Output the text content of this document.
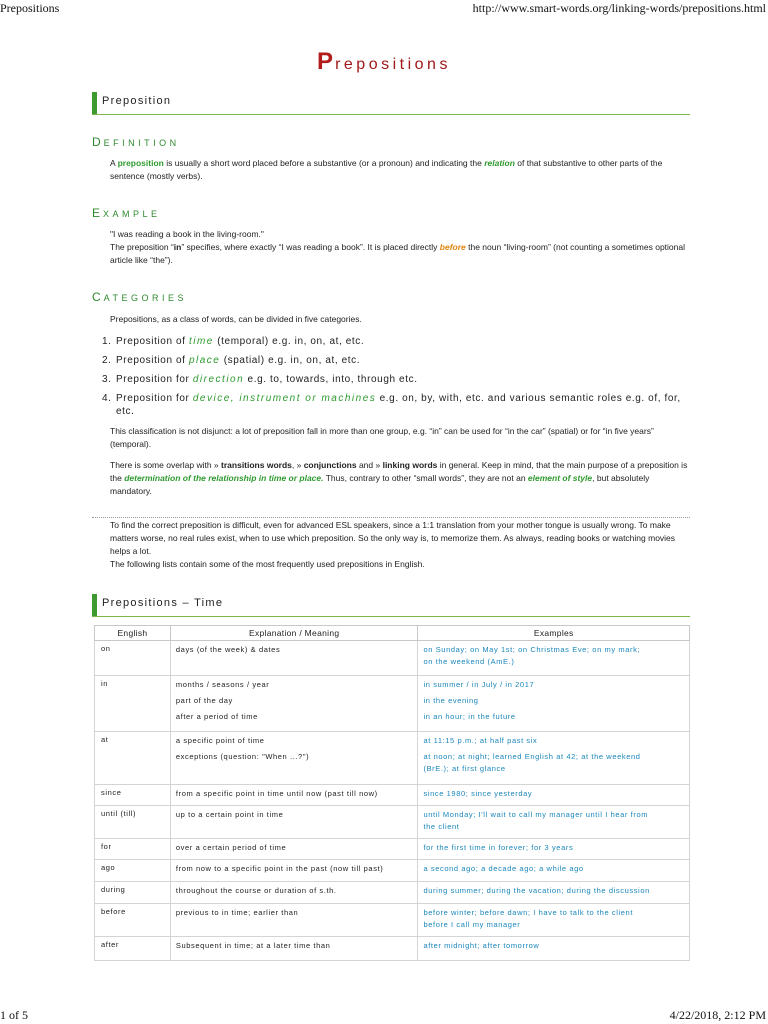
Prepositions	http://www.smart-words.org/linking-words/prepositions.html
1 of 5	4/22/2018, 2:12 PM
Prepositions
Preposition
DEFINITION
A preposition is usually a short word placed before a substantive (or a pronoun) and indicating the relation of that substantive to other parts of the sentence (mostly verbs).
EXAMPLE
"I was reading a book in the living-room."
The preposition “in” specifies, where exactly “I was reading a book”. It is placed directly before the noun “living-room” (not counting a sometimes optional article like “the”).
CATEGORIES
Prepositions, as a class of words, can be divided in five categories.
1. Preposition of time (temporal) e.g. in, on, at, etc.
2. Preposition of place (spatial) e.g. in, on, at, etc.
3. Preposition for direction e.g. to, towards, into, through etc.
4. Preposition for device, instrument or machines e.g. on, by, with, etc. and various semantic roles e.g. of, for, etc.
This classification is not disjunct: a lot of preposition fall in more than one group, e.g. “in” can be used for “in the car” (spatial) or for “in five years” (temporal).
There is some overlap with » transitions words, » conjunctions and » linking words in general. Keep in mind, that the main purpose of a preposition is the determination of the relationship in time or place. Thus, contrary to other “small words”, they are not an element of style, but absolutely mandatory.
To find the correct preposition is difficult, even for advanced ESL speakers, since a 1:1 translation from your mother tongue is usually wrong. To make matters worse, no real rules exist, when to use which preposition. So the only way is, to memorize them. As always, reading books or watching movies helps a lot.
The following lists contain some of the most frequently used prepositions in English.
Prepositions – Time
English	Explanation / Meaning	Examples
on	days (of the week) & dates	on Sunday; on May 1st; on Christmas Eve; on my mark;
on the weekend (AmE.)

in	months / seasons / year
part of the day
after a period of time	in summer / in July / in 2017
in the evening
in an hour; in the future

at	a specific point of time
exceptions (question: "When ...?")	at 11:15 p.m.; at half past six
at noon; at night; learned English at 42; at the weekend
(BrE.); at first glance

since	from a specific point in time until now (past till now)	since 1980; since yesterday
until (till)	up to a certain point in time	until Monday; I'll wait to call my manager until I hear from
the client

for	over a certain period of time	for the first time in forever; for 3 years
ago	from now to a specific point in the past (now till past)	a second ago; a decade ago; a while ago
during	throughout the course or duration of s.th.	during summer; during the vacation; during the discussion
before	previous to in time; earlier than	before winter; before dawn; I have to talk to the client
before I call my manager

after	Subsequent in time; at a later time than	after midnight; after tomorrow
